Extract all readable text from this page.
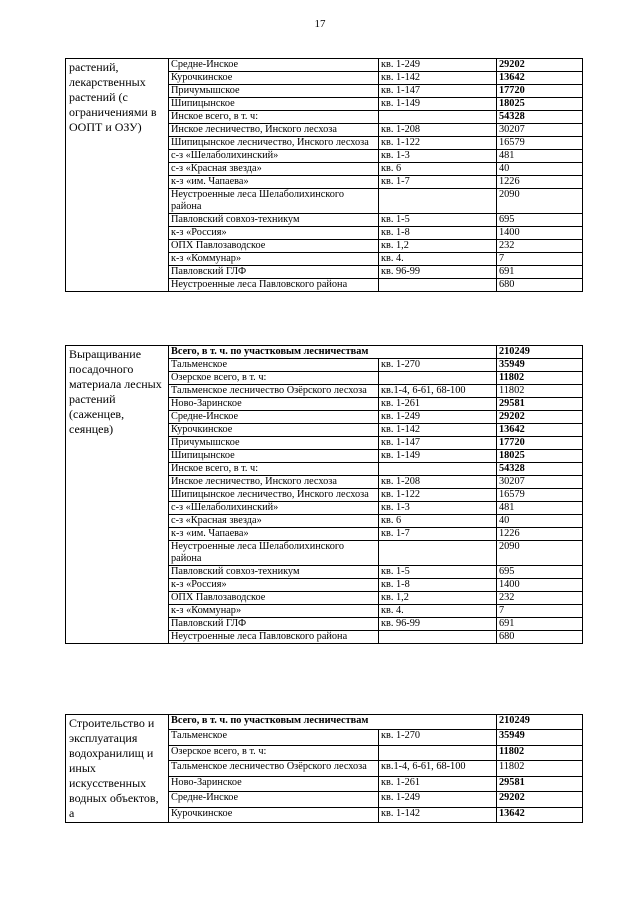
17
растений, лекарственных растений (с ограничениями в ООПТ и ОЗУ)	Средне-Инское	кв. 1-249	29202
	Курочкинское	кв. 1-142	13642
	Причумышское	кв. 1-147	17720
	Шипицынское	кв. 1-149	18025
	Инское всего, в т. ч:		54328
	Инское лесничество, Инского лесхоза	кв. 1-208	30207
	Шипицынское лесничество, Инского лесхоза	кв. 1-122	16579
	с-з «Шелаболихинский»	кв. 1-3	481
	с-з «Красная звезда»	кв. 6	40
	к-з «им. Чапаева»	кв. 1-7	1226
	Неустроенные леса Шелаболихинского района		2090
	Павловский совхоз-техникум	кв. 1-5	695
	к-з «Россия»	кв. 1-8	1400
	ОПХ Павлозаводское	кв. 1,2	232
	к-з «Коммунар»	кв. 4.	7
	Павловский ГЛФ	кв. 96-99	691
	Неустроенные леса Павловского района		680
Выращивание посадочного материала лесных растений (саженцев, сеянцев)	Всего, в т. ч. по участковым лесничествам		210249
	Тальменское	кв. 1-270	35949
	Озерское всего, в т. ч:		11802
	Тальменское лесничество Озёрского лесхоза	кв.1-4, 6-61, 68-100	11802
	Ново-Заринское	кв. 1-261	29581
	Средне-Инское	кв. 1-249	29202
	Курочкинское	кв. 1-142	13642
	Причумышское	кв. 1-147	17720
	Шипицынское	кв. 1-149	18025
	Инское всего, в т. ч:		54328
	Инское лесничество, Инского лесхоза	кв. 1-208	30207
	Шипицынское лесничество, Инского лесхоза	кв. 1-122	16579
	с-з «Шелаболихинский»	кв. 1-3	481
	с-з «Красная звезда»	кв. 6	40
	к-з «им. Чапаева»	кв. 1-7	1226
	Неустроенные леса Шелаболихинского района		2090
	Павловский совхоз-техникум	кв. 1-5	695
	к-з «Россия»	кв. 1-8	1400
	ОПХ Павлозаводское	кв. 1,2	232
	к-з «Коммунар»	кв. 4.	7
	Павловский ГЛФ	кв. 96-99	691
	Неустроенные леса Павловского района		680
Строительство и эксплуатация водохранилищ и иных искусственных водных объектов, а	Всего, в т. ч. по участковым лесничествам		210249
	Тальменское	кв. 1-270	35949
	Озерское всего, в т. ч:		11802
	Тальменское лесничество Озёрского лесхоза	кв.1-4, 6-61, 68-100	11802
	Ново-Заринское	кв. 1-261	29581
	Средне-Инское	кв. 1-249	29202
	Курочкинское	кв. 1-142	13642
